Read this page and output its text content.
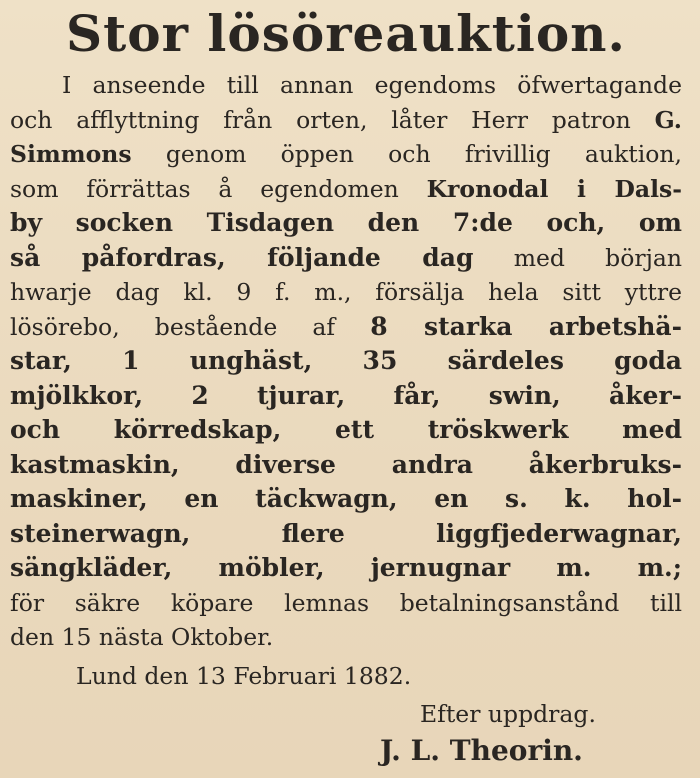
Stor lösöreauktion.
I anseende till annan egendoms öfwertagande
och afflyttning från orten, låter Herr patron G.
Simmons genom öppen och frivillig auktion,
som förrättas å egendomen Kronodal i Dals-
by socken Tisdagen den 7:de och, om
så påfordras, följande dag med början
hwarje dag kl. 9 f. m., försälja hela sitt yttre
lösörebo, bestående af 8 starka arbetshä-
star, 1 unghäst, 35 särdeles goda
mjölkkor, 2 tjurar, får, swin, åker-
och körredskap, ett tröskwerk med
kastmaskin, diverse andra åkerbruks-
maskiner, en täckwagn, en s. k. hol-
steinerwagn, flere liggfjederwagnar,
sängkläder, möbler, jernugnar m. m.;
för säkre köpare lemnas betalningsanstånd till
den 15 nästa Oktober.
Lund den 13 Februari 1882.
Efter uppdrag.
J. L. Theorin.
